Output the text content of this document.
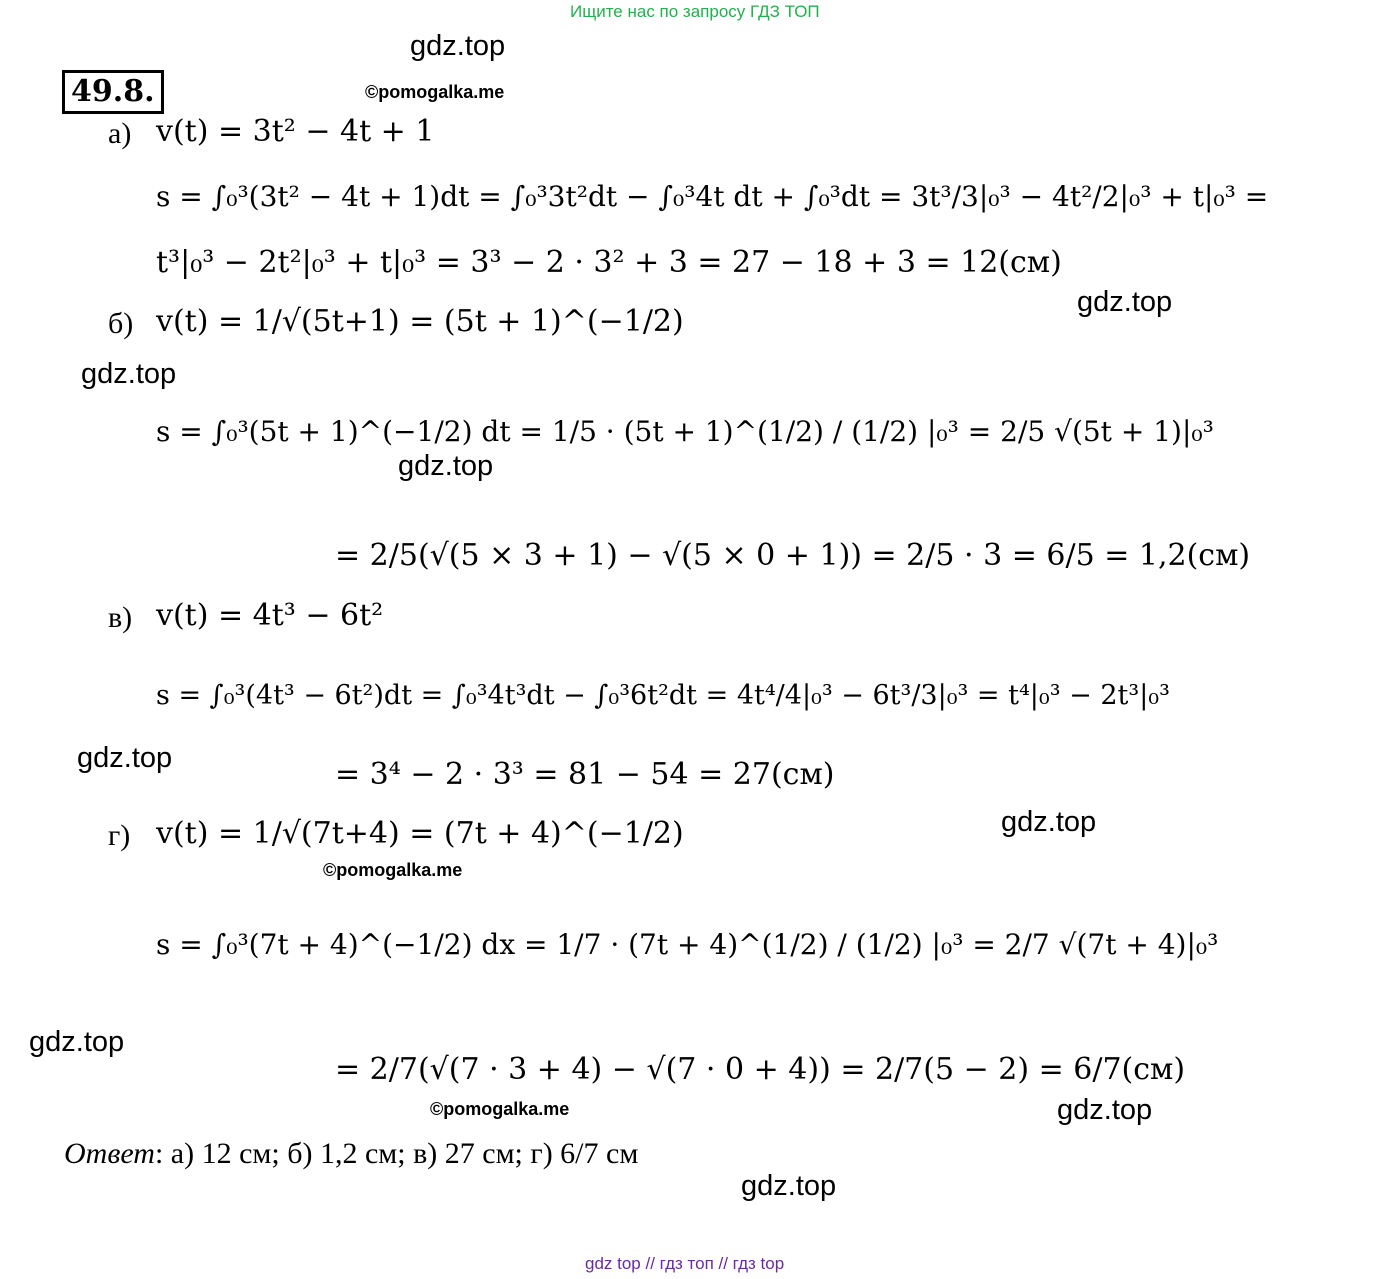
Ищите нас по запросу ГДЗ ТОП
gdz.top
©pomogalka.me
gdz.top
gdz.top
gdz.top
gdz.top
gdz.top
©pomogalka.me
gdz.top
©pomogalka.me	gdz.top
gdz.top
49.8.
а) v(t) = 3t² − 4t + 1
s = ∫₀³(3t² − 4t + 1)dt = ∫₀³3t²dt − ∫₀³4t dt + ∫₀³dt = 3t³/3|₀³ − 4t²/2|₀³ + t|₀³ =
t³|₀³ − 2t²|₀³ + t|₀³ = 3³ − 2 · 3² + 3 = 27 − 18 + 3 = 12(см)
б) v(t) = 1/√(5t+1) = (5t + 1)^(−1/2)
s = ∫₀³(5t + 1)^(−1/2) dt = 1/5 · (5t + 1)^(1/2) / (1/2) |₀³ = 2/5 √(5t + 1)|₀³
= 2/5(√(5 × 3 + 1) − √(5 × 0 + 1)) = 2/5 · 3 = 6/5 = 1,2(см)
в) v(t) = 4t³ − 6t²
s = ∫₀³(4t³ − 6t²)dt = ∫₀³4t³dt − ∫₀³6t²dt = 4t⁴/4|₀³ − 6t³/3|₀³ = t⁴|₀³ − 2t³|₀³
= 3⁴ − 2 · 3³ = 81 − 54 = 27(см)
г) v(t) = 1/√(7t+4) = (7t + 4)^(−1/2)
s = ∫₀³(7t + 4)^(−1/2) dx = 1/7 · (7t + 4)^(1/2) / (1/2) |₀³ = 2/7 √(7t + 4)|₀³
= 2/7(√(7 · 3 + 4) − √(7 · 0 + 4)) = 2/7(5 − 2) = 6/7(см)
Ответ: а) 12 см; б) 1,2 см; в) 27 см; г) 6/7 см
gdz top // гдз топ // гдз top
